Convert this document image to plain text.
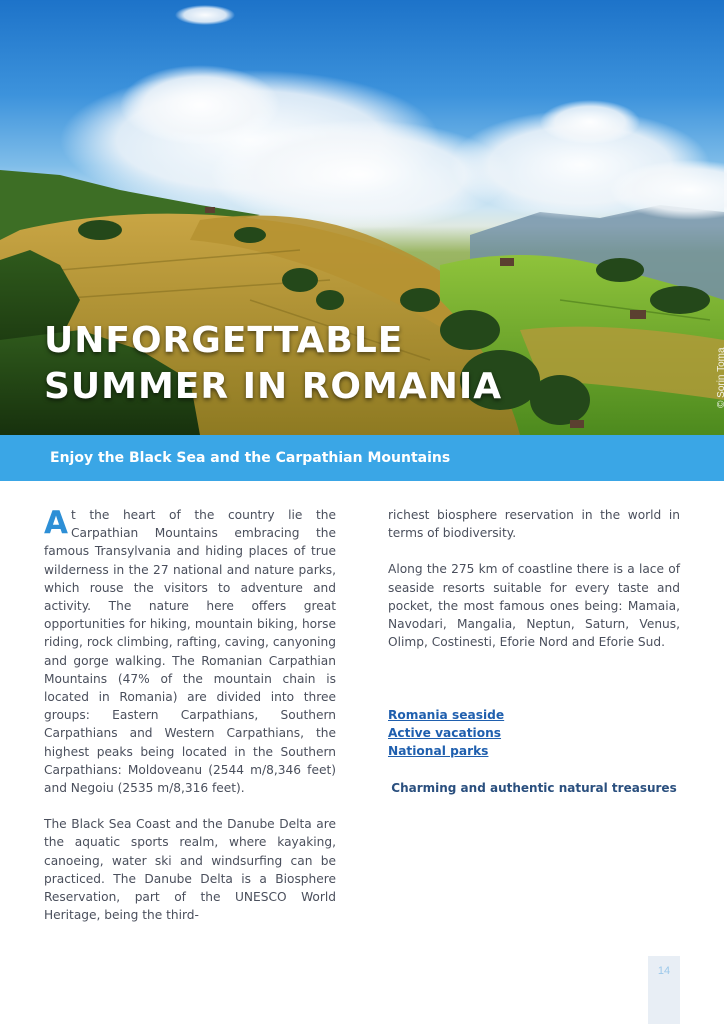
UNFORGETTABLE
SUMMER IN ROMANIA	© Sorin Toma
Enjoy the Black Sea and the Carpathian Mountains

At the heart of the country lie the Carpathian Mountains embracing the famous Transylvania and hiding places of true wilderness in the 27 national and nature parks, which rouse the visitors to adventure and activity. The nature here offers great opportunities for hiking, mountain biking, horse riding, rock climbing, rafting, caving, canyoning and gorge walking. The Romanian Carpathian Mountains (47% of the mountain chain is located in Romania) are divided into three groups: Eastern Carpathians, Southern Carpathians and Western Carpathians, the highest peaks being located in the Southern Carpathians: Moldoveanu (2544 m/8,346 feet) and Negoiu (2535 m/8,316 feet).

The Black Sea Coast and the Danube Delta are the aquatic sports realm, where kayaking, canoeing, water ski and windsurfing can be practiced. The Danube Delta is a Biosphere Reservation, part of the UNESCO World Heritage, being the third-

richest biosphere reservation in the world in terms of biodiversity.

Along the 275 km of coastline there is a lace of seaside resorts suitable for every taste and pocket, the most famous ones being: Mamaia, Navodari, Mangalia, Neptun, Saturn, Venus, Olimp, Costinesti, Eforie Nord and Eforie Sud.

Romania seaside
Active vacations
National parks
Charming and authentic natural treasures
14
